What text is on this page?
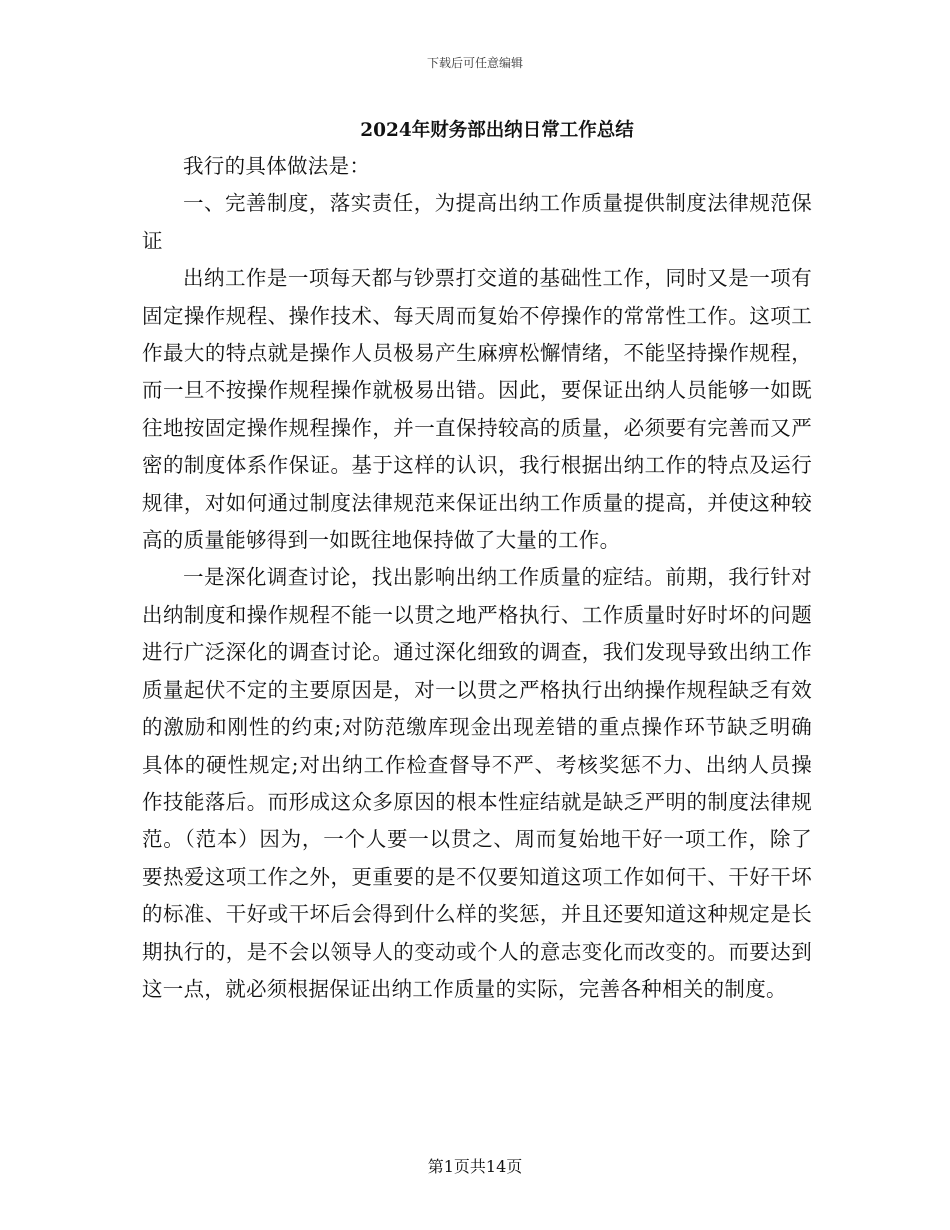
下载后可任意编辑
2024年财务部出纳日常工作总结

我行的具体做法是：

一、完善制度，落实责任，为提高出纳工作质量提供制度法律规范保证

出纳工作是一项每天都与钞票打交道的基础性工作，同时又是一项有固定操作规程、操作技术、每天周而复始不停操作的常常性工作。这项工作最大的特点就是操作人员极易产生麻痹松懈情绪，不能坚持操作规程，而一旦不按操作规程操作就极易出错。因此，要保证出纳人员能够一如既往地按固定操作规程操作，并一直保持较高的质量，必须要有完善而又严密的制度体系作保证。基于这样的认识，我行根据出纳工作的特点及运行规律，对如何通过制度法律规范来保证出纳工作质量的提高，并使这种较高的质量能够得到一如既往地保持做了大量的工作。

一是深化调查讨论，找出影响出纳工作质量的症结。前期，我行针对出纳制度和操作规程不能一以贯之地严格执行、工作质量时好时坏的问题进行广泛深化的调查讨论。通过深化细致的调查，我们发现导致出纳工作质量起伏不定的主要原因是，对一以贯之严格执行出纳操作规程缺乏有效的激励和刚性的约束;对防范缴库现金出现差错的重点操作环节缺乏明确具体的硬性规定;对出纳工作检查督导不严、考核奖惩不力、出纳人员操作技能落后。而形成这众多原因的根本性症结就是缺乏严明的制度法律规范。（范本）因为，一个人要一以贯之、周而复始地干好一项工作，除了要热爱这项工作之外，更重要的是不仅要知道这项工作如何干、干好干坏的标准、干好或干坏后会得到什么样的奖惩，并且还要知道这种规定是长期执行的，是不会以领导人的变动或个人的意志变化而改变的。而要达到这一点，就必须根据保证出纳工作质量的实际，完善各种相关的制度。

第1页共14页
